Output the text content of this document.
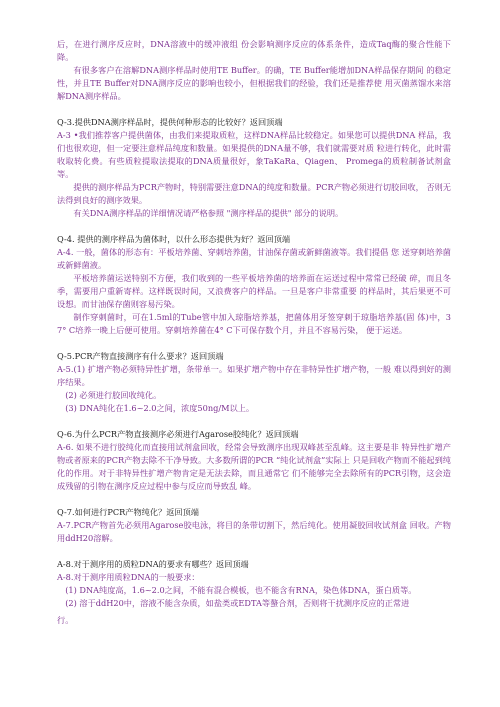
后，在进行测序反应时，DNA溶液中的缓冲液组 份会影响测序反应的体系条件，造成Taq酶的聚合性能下降。

有很多客户在溶解DNA测序样品时使用TE Buffer。的确，TE Buffer能增加DNA样品保存期间 的稳定性，并且TE Buffer对DNA测序反应的影响也较小，但根据我们的经验，我们还是推荐使 用灭菌蒸馏水来溶解DNA测序样品。

Q-3.提供DNA测序样品时，提供何种形态的比较好？返回顶端

A-3 •我们推荐客户提供菌体，由我们来提取质粒，这样DNA样品比较稳定。如果您可以提供DNA 样品，我们也很欢迎，但一定要注意样品纯度和数量。如果提供的DNA量不够，我们就需要对质 粒进行转化，此时需收取转化费。有些质粒提取法提取的DNA质量很好，象TaKaRa、Qiagen、 Promega的质粒制备试剂盒等。

提供的测序样品为PCR产物时，特别需要注意DNA的纯度和数量。PCR产物必须进行切胶回收， 否则无法得到良好的测序效果。

有关DNA测序样品的详细情况请严格参照 "测序样品的提供" 部分的说明。

Q-4. 提供的测序样品为菌体时，以什么形态提供为好？返回顶端

A-4. 一般，菌体的形态有：平板培养菌、穿刺培养菌，甘油保存菌或新鲜菌液等。我们提倡 您 送穿刺培养菌或新鲜菌液。

平板培养菌运送特别不方便，我们收到的一些平板培养菌的培养面在运送过程中常常已经破 碎，而且冬季，需要用户重新寄样。这样既误时间，又浪费客户的样品。一旦是客户非常重要 的样品时，其后果更不可设想。而甘油保存菌则容易污染。

制作穿刺菌时，可在1.5ml的Tube管中加入琼脂培养基，把菌体用牙签穿刺于琼脂培养基(固 体)中，37° C培养一晚上后便可使用。穿刺培养菌在4° C下可保存数个月，并且不容易污染， 便于运送。

Q-5.PCR产物直接测序有什么要求？返回顶端

A-5.(1) 扩增产物必须特异性扩增，条带单一。如果扩增产物中存在非特异性扩增产物，一般 难以得到好的测序结果。

(2) 必须进行胶回收纯化。

(3) DNA纯化在1.6~2.0之间，浓度50ng/M以上。

Q-6.为什么PCR产物直接测序必须进行Agarose胶纯化？返回顶端

A-6. 如果不进行胶纯化而直接用试剂盒回收，经常会导致测序出现双峰甚至乱峰。这主要是非 特异性扩增产物或者原来的PCR产物去除不干净导致。大多数所谓的PCR “纯化试剂盒”实际上 只是回收产物而不能起到纯化的作用。对于非特异性扩增产物肯定是无法去除，而且通常它 们不能够完全去除所有的PCR引物，这会造成残留的引物在测序反应过程中参与反应而导致乱 峰。

Q-7.如何进行PCR产物纯化？返回顶端

A-7.PCR产物首先必须用Agarose胶电泳，将目的条带切割下，然后纯化。使用凝胶回收试剂盒 回收。产物用ddH20溶解。

A-8.对于测序用的质粒DNA的要求有哪些？返回顶端

A-8.对于测序用质粒DNA的一般要求：

(1) DNA纯度高，1.6~2.0之间，不能有混合模板，也不能含有RNA，染色体DNA，蛋白质等。

(2) 溶于ddH20中，溶液不能含杂质，如盐类或EDTA等螯合剂，否则将干扰测序反应的正常进

行。
